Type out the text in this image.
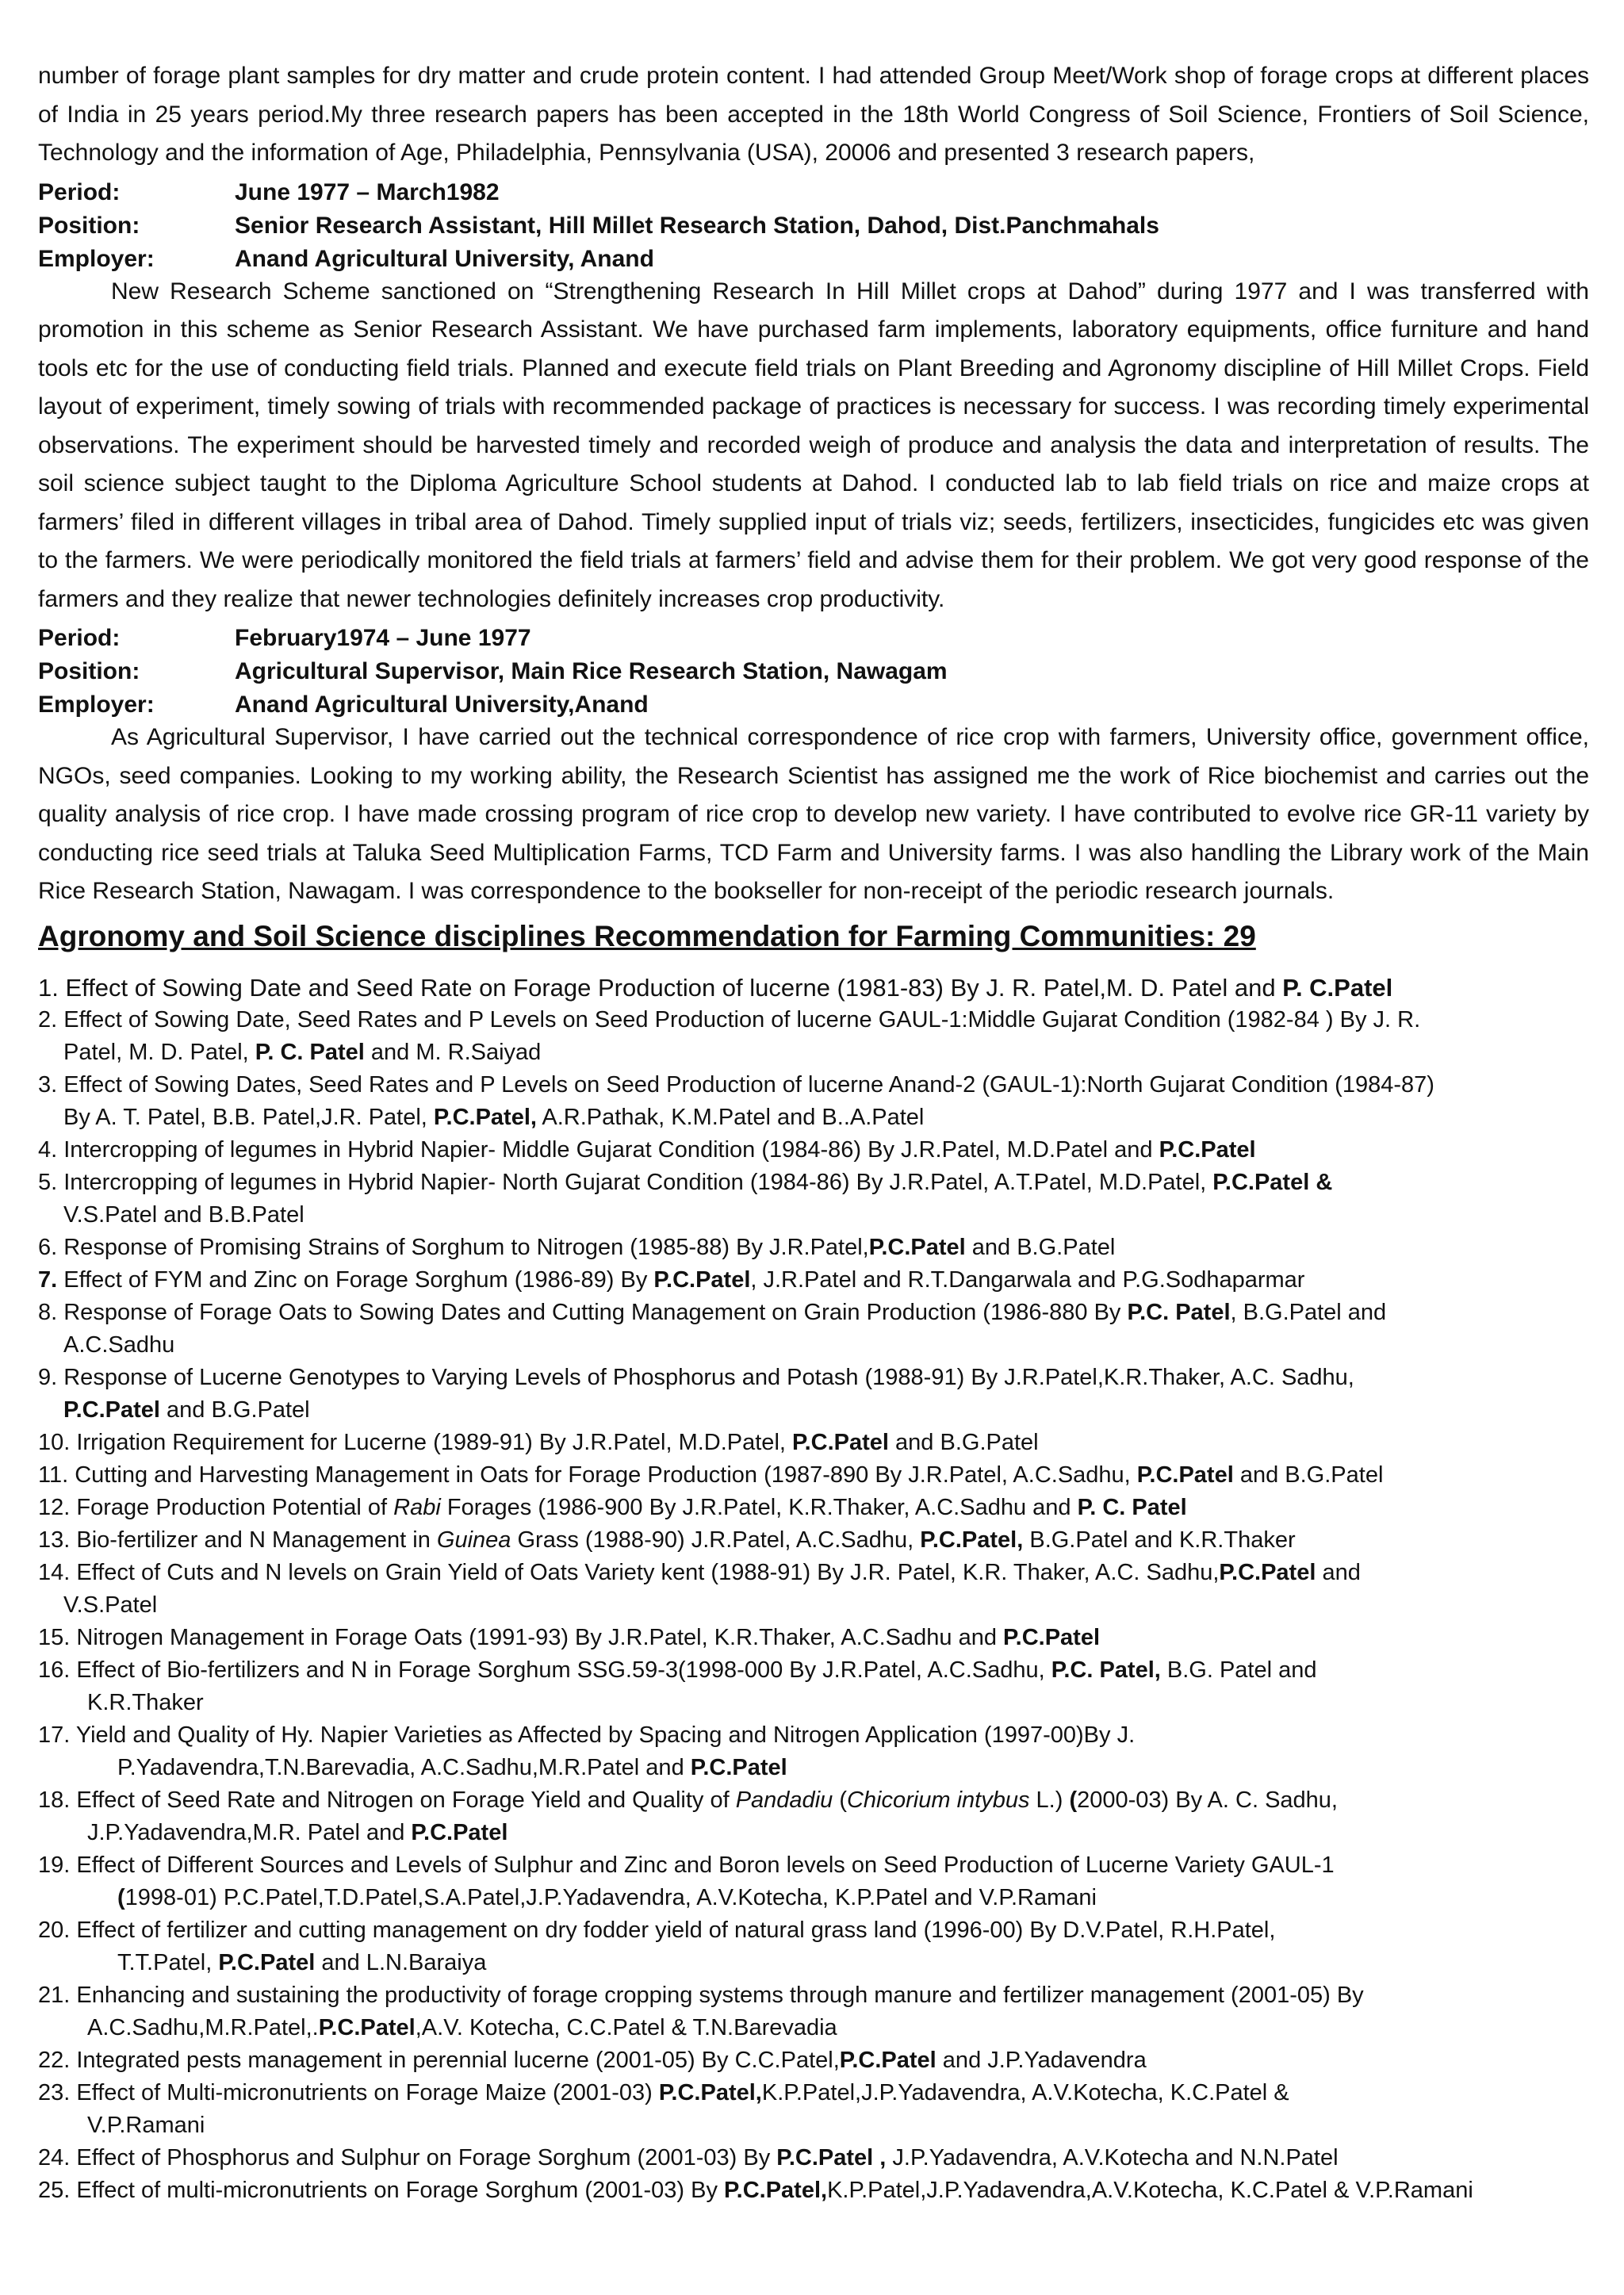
number of forage plant samples for dry matter and crude protein content. I had attended Group Meet/Work shop of forage crops at different places of India in 25 years period.My three research papers has been accepted in the 18th World Congress of Soil Science, Frontiers of Soil Science, Technology and the information of Age, Philadelphia, Pennsylvania (USA), 20006 and presented 3 research papers,

Period:	June 1977 – March1982
Position:	Senior Research Assistant, Hill Millet Research Station, Dahod, Dist.Panchmahals
Employer:	Anand Agricultural University, Anand

New Research Scheme sanctioned on “Strengthening Research In Hill Millet crops at Dahod” during 1977 and I was transferred with promotion in this scheme as Senior Research Assistant. We have purchased farm implements, laboratory equipments, office furniture and hand tools etc for the use of conducting field trials. Planned and execute field trials on Plant Breeding and Agronomy discipline of Hill Millet Crops. Field layout of experiment, timely sowing of trials with recommended package of practices is necessary for success. I was recording timely experimental observations. The experiment should be harvested timely and recorded weigh of produce and analysis the data and interpretation of results. The soil science subject taught to the Diploma Agriculture School students at Dahod. I conducted lab to lab field trials on rice and maize crops at farmers’ filed in different villages in tribal area of Dahod. Timely supplied input of trials viz; seeds, fertilizers, insecticides, fungicides etc was given to the farmers. We were periodically monitored the field trials at farmers’ field and advise them for their problem. We got very good response of the farmers and they realize that newer technologies definitely increases crop productivity.

Period:	February1974 – June 1977
Position:	Agricultural Supervisor, Main Rice Research Station, Nawagam
Employer:	Anand Agricultural University,Anand

As Agricultural Supervisor, I have carried out the technical correspondence of rice crop with farmers, University office, government office, NGOs, seed companies. Looking to my working ability, the Research Scientist has assigned me the work of Rice biochemist and carries out the quality analysis of rice crop. I have made crossing program of rice crop to develop new variety. I have contributed to evolve rice GR-11 variety by conducting rice seed trials at Taluka Seed Multiplication Farms, TCD Farm and University farms. I was also handling the Library work of the Main Rice Research Station, Nawagam. I was correspondence to the bookseller for non-receipt of the periodic research journals.

Agronomy and Soil Science disciplines Recommendation for Farming Communities: 29

1. Effect of Sowing Date and Seed Rate on Forage Production of lucerne (1981-83) By J. R. Patel,M. D. Patel and P. C.Patel

2. Effect of Sowing Date, Seed Rates and P Levels on Seed Production of lucerne GAUL-1:Middle Gujarat Condition (1982-84 ) By J. R.

Patel, M. D. Patel, P. C. Patel and M. R.Saiyad

3. Effect of Sowing Dates, Seed Rates and P Levels on Seed Production of lucerne Anand-2 (GAUL-1):North Gujarat Condition (1984-87)

By A. T. Patel, B.B. Patel,J.R. Patel, P.C.Patel, A.R.Pathak, K.M.Patel and B..A.Patel

4. Intercropping of legumes in Hybrid Napier- Middle Gujarat Condition (1984-86) By J.R.Patel, M.D.Patel and P.C.Patel

5. Intercropping of legumes in Hybrid Napier- North Gujarat Condition (1984-86) By J.R.Patel, A.T.Patel, M.D.Patel, P.C.Patel &

V.S.Patel and B.B.Patel

6. Response of Promising Strains of Sorghum to Nitrogen (1985-88) By J.R.Patel,P.C.Patel and B.G.Patel

7. Effect of FYM and Zinc on Forage Sorghum (1986-89) By P.C.Patel, J.R.Patel and R.T.Dangarwala and P.G.Sodhaparmar

8. Response of Forage Oats to Sowing Dates and Cutting Management on Grain Production (1986-880 By P.C. Patel, B.G.Patel and

A.C.Sadhu

9. Response of Lucerne Genotypes to Varying Levels of Phosphorus and Potash (1988-91) By J.R.Patel,K.R.Thaker, A.C. Sadhu,

P.C.Patel and B.G.Patel

10. Irrigation Requirement for Lucerne (1989-91) By J.R.Patel, M.D.Patel, P.C.Patel and B.G.Patel

11. Cutting and Harvesting Management in Oats for Forage Production (1987-890 By J.R.Patel, A.C.Sadhu, P.C.Patel and B.G.Patel

12. Forage Production Potential of Rabi Forages (1986-900 By J.R.Patel, K.R.Thaker, A.C.Sadhu and P. C. Patel

13. Bio-fertilizer and N Management in Guinea Grass (1988-90) J.R.Patel, A.C.Sadhu, P.C.Patel, B.G.Patel and K.R.Thaker

14. Effect of Cuts and N levels on Grain Yield of Oats Variety kent (1988-91) By J.R. Patel, K.R. Thaker, A.C. Sadhu,P.C.Patel and

V.S.Patel

15. Nitrogen Management in Forage Oats (1991-93) By J.R.Patel, K.R.Thaker, A.C.Sadhu and P.C.Patel

16. Effect of Bio-fertilizers and N in Forage Sorghum SSG.59-3(1998-000 By J.R.Patel, A.C.Sadhu, P.C. Patel, B.G. Patel and

K.R.Thaker

17. Yield and Quality of Hy. Napier Varieties as Affected by Spacing and Nitrogen Application (1997-00)By J.

P.Yadavendra,T.N.Barevadia, A.C.Sadhu,M.R.Patel and P.C.Patel

18. Effect of Seed Rate and Nitrogen on Forage Yield and Quality of Pandadiu (Chicorium intybus L.) (2000-03) By A. C. Sadhu,

J.P.Yadavendra,M.R. Patel and P.C.Patel

19. Effect of Different Sources and Levels of Sulphur and Zinc and Boron levels on Seed Production of Lucerne Variety GAUL-1

(1998-01) P.C.Patel,T.D.Patel,S.A.Patel,J.P.Yadavendra, A.V.Kotecha, K.P.Patel and V.P.Ramani

20. Effect of fertilizer and cutting management on dry fodder yield of natural grass land (1996-00) By D.V.Patel, R.H.Patel,

T.T.Patel, P.C.Patel and L.N.Baraiya

21. Enhancing and sustaining the productivity of forage cropping systems through manure and fertilizer management (2001-05) By

A.C.Sadhu,M.R.Patel,.P.C.Patel,A.V. Kotecha, C.C.Patel & T.N.Barevadia

22. Integrated pests management in perennial lucerne (2001-05) By C.C.Patel,P.C.Patel and J.P.Yadavendra

23. Effect of Multi-micronutrients on Forage Maize (2001-03) P.C.Patel,K.P.Patel,J.P.Yadavendra, A.V.Kotecha, K.C.Patel &

V.P.Ramani

24. Effect of Phosphorus and Sulphur on Forage Sorghum (2001-03) By P.C.Patel , J.P.Yadavendra, A.V.Kotecha and N.N.Patel

25. Effect of multi-micronutrients on Forage Sorghum (2001-03) By P.C.Patel,K.P.Patel,J.P.Yadavendra,A.V.Kotecha, K.C.Patel & V.P.Ramani
